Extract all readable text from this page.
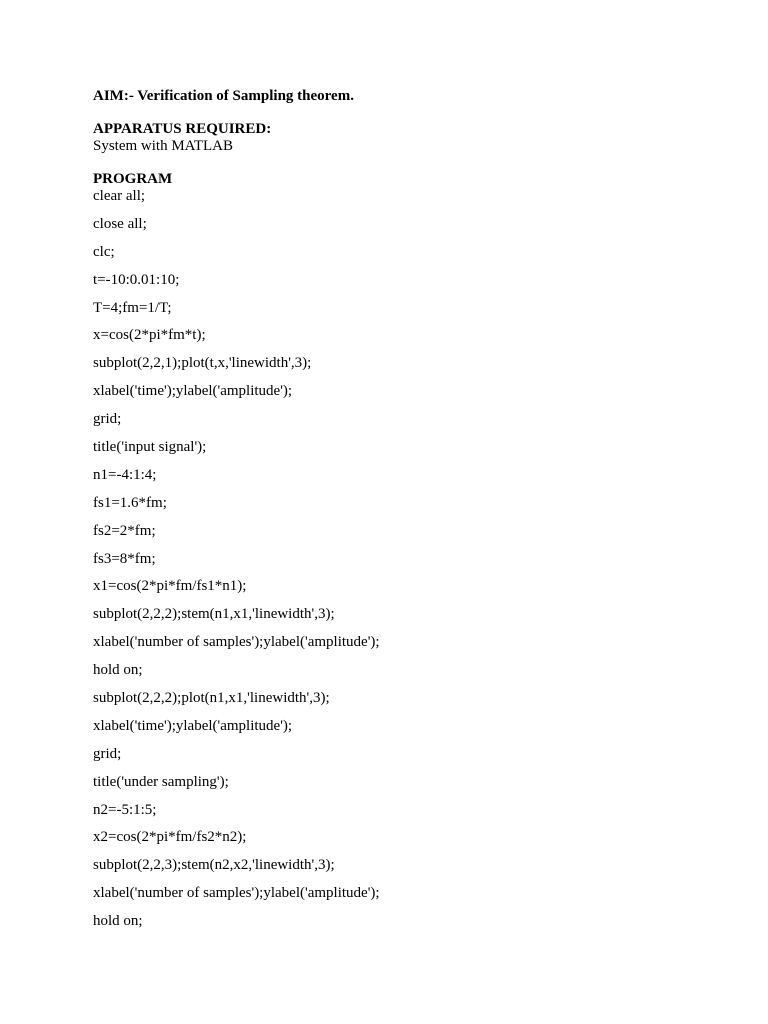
AIM:- Verification of Sampling theorem.
APPARATUS REQUIRED:
System with MATLAB
PROGRAM
clear all;
close all;
clc;
t=-10:0.01:10;
T=4;fm=1/T;
x=cos(2*pi*fm*t);
subplot(2,2,1);plot(t,x,'linewidth',3);
xlabel('time');ylabel('amplitude');
grid;
title('input signal');
n1=-4:1:4;
fs1=1.6*fm;
fs2=2*fm;
fs3=8*fm;
x1=cos(2*pi*fm/fs1*n1);
subplot(2,2,2);stem(n1,x1,'linewidth',3);
xlabel('number of samples');ylabel('amplitude');
hold on;
subplot(2,2,2);plot(n1,x1,'linewidth',3);
xlabel('time');ylabel('amplitude');
grid;
title('under sampling');
n2=-5:1:5;
x2=cos(2*pi*fm/fs2*n2);
subplot(2,2,3);stem(n2,x2,'linewidth',3);
xlabel('number of samples');ylabel('amplitude');
hold on;
